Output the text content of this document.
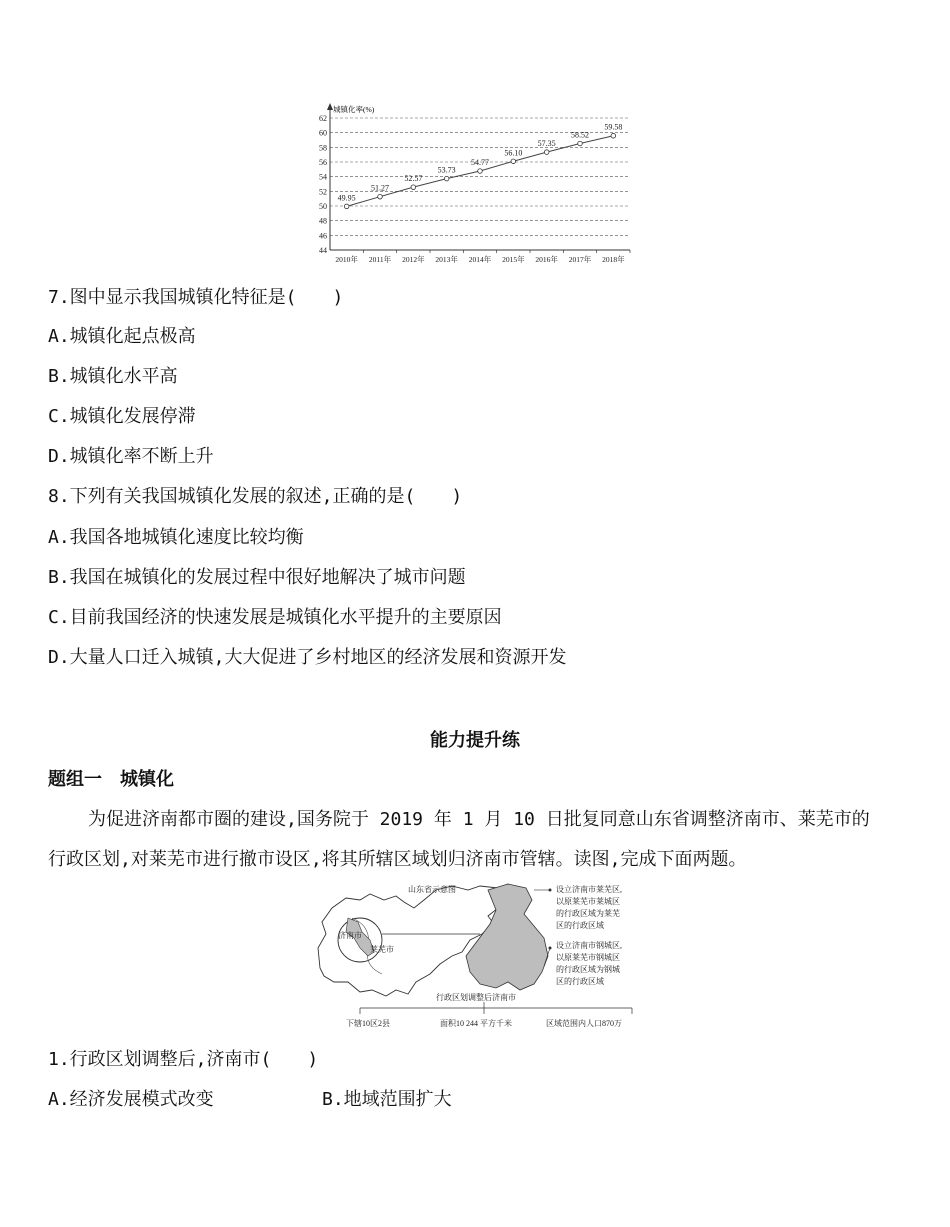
城镇化率(%)
44
46
48
50
52
54
56
58
60
62
2010年 2011年 2012年 2013年 2014年 2015年 2016年 2017年 2018年
49.95
51.27
52.57
53.73
54.77
56.10
57.35
58.52
59.58
7.图中显示我国城镇化特征是(　　)
A.城镇化起点极高
B.城镇化水平高
C.城镇化发展停滞
D.城镇化率不断上升
8.下列有关我国城镇化发展的叙述,正确的是(　　)
A.我国各地城镇化速度比较均衡
B.我国在城镇化的发展过程中很好地解决了城市问题
C.目前我国经济的快速发展是城镇化水平提升的主要原因
D.大量人口迁入城镇,大大促进了乡村地区的经济发展和资源开发
能力提升练
题组一　城镇化
为促进济南都市圈的建设,国务院于 2019 年 1 月 10 日批复同意山东省调整济南市、莱芜市的
行政区划,对莱芜市进行撤市设区,将其所辖区域划归济南市管辖。读图,完成下面两题。
济南市
莱芜市
山东省示意图	设立济南市莱芜区,
以原莱芜市莱城区
的行政区域为莱芜
区的行政区域
设立济南市钢城区,
以原莱芜市钢城区
的行政区域为钢城
区的行政区域
行政区划调整后济南市
下辖10区2县	面积10 244 平方千米	区域范围内人口870万
1.行政区划调整后,济南市(　　)
A.经济发展模式改变	B.地域范围扩大
